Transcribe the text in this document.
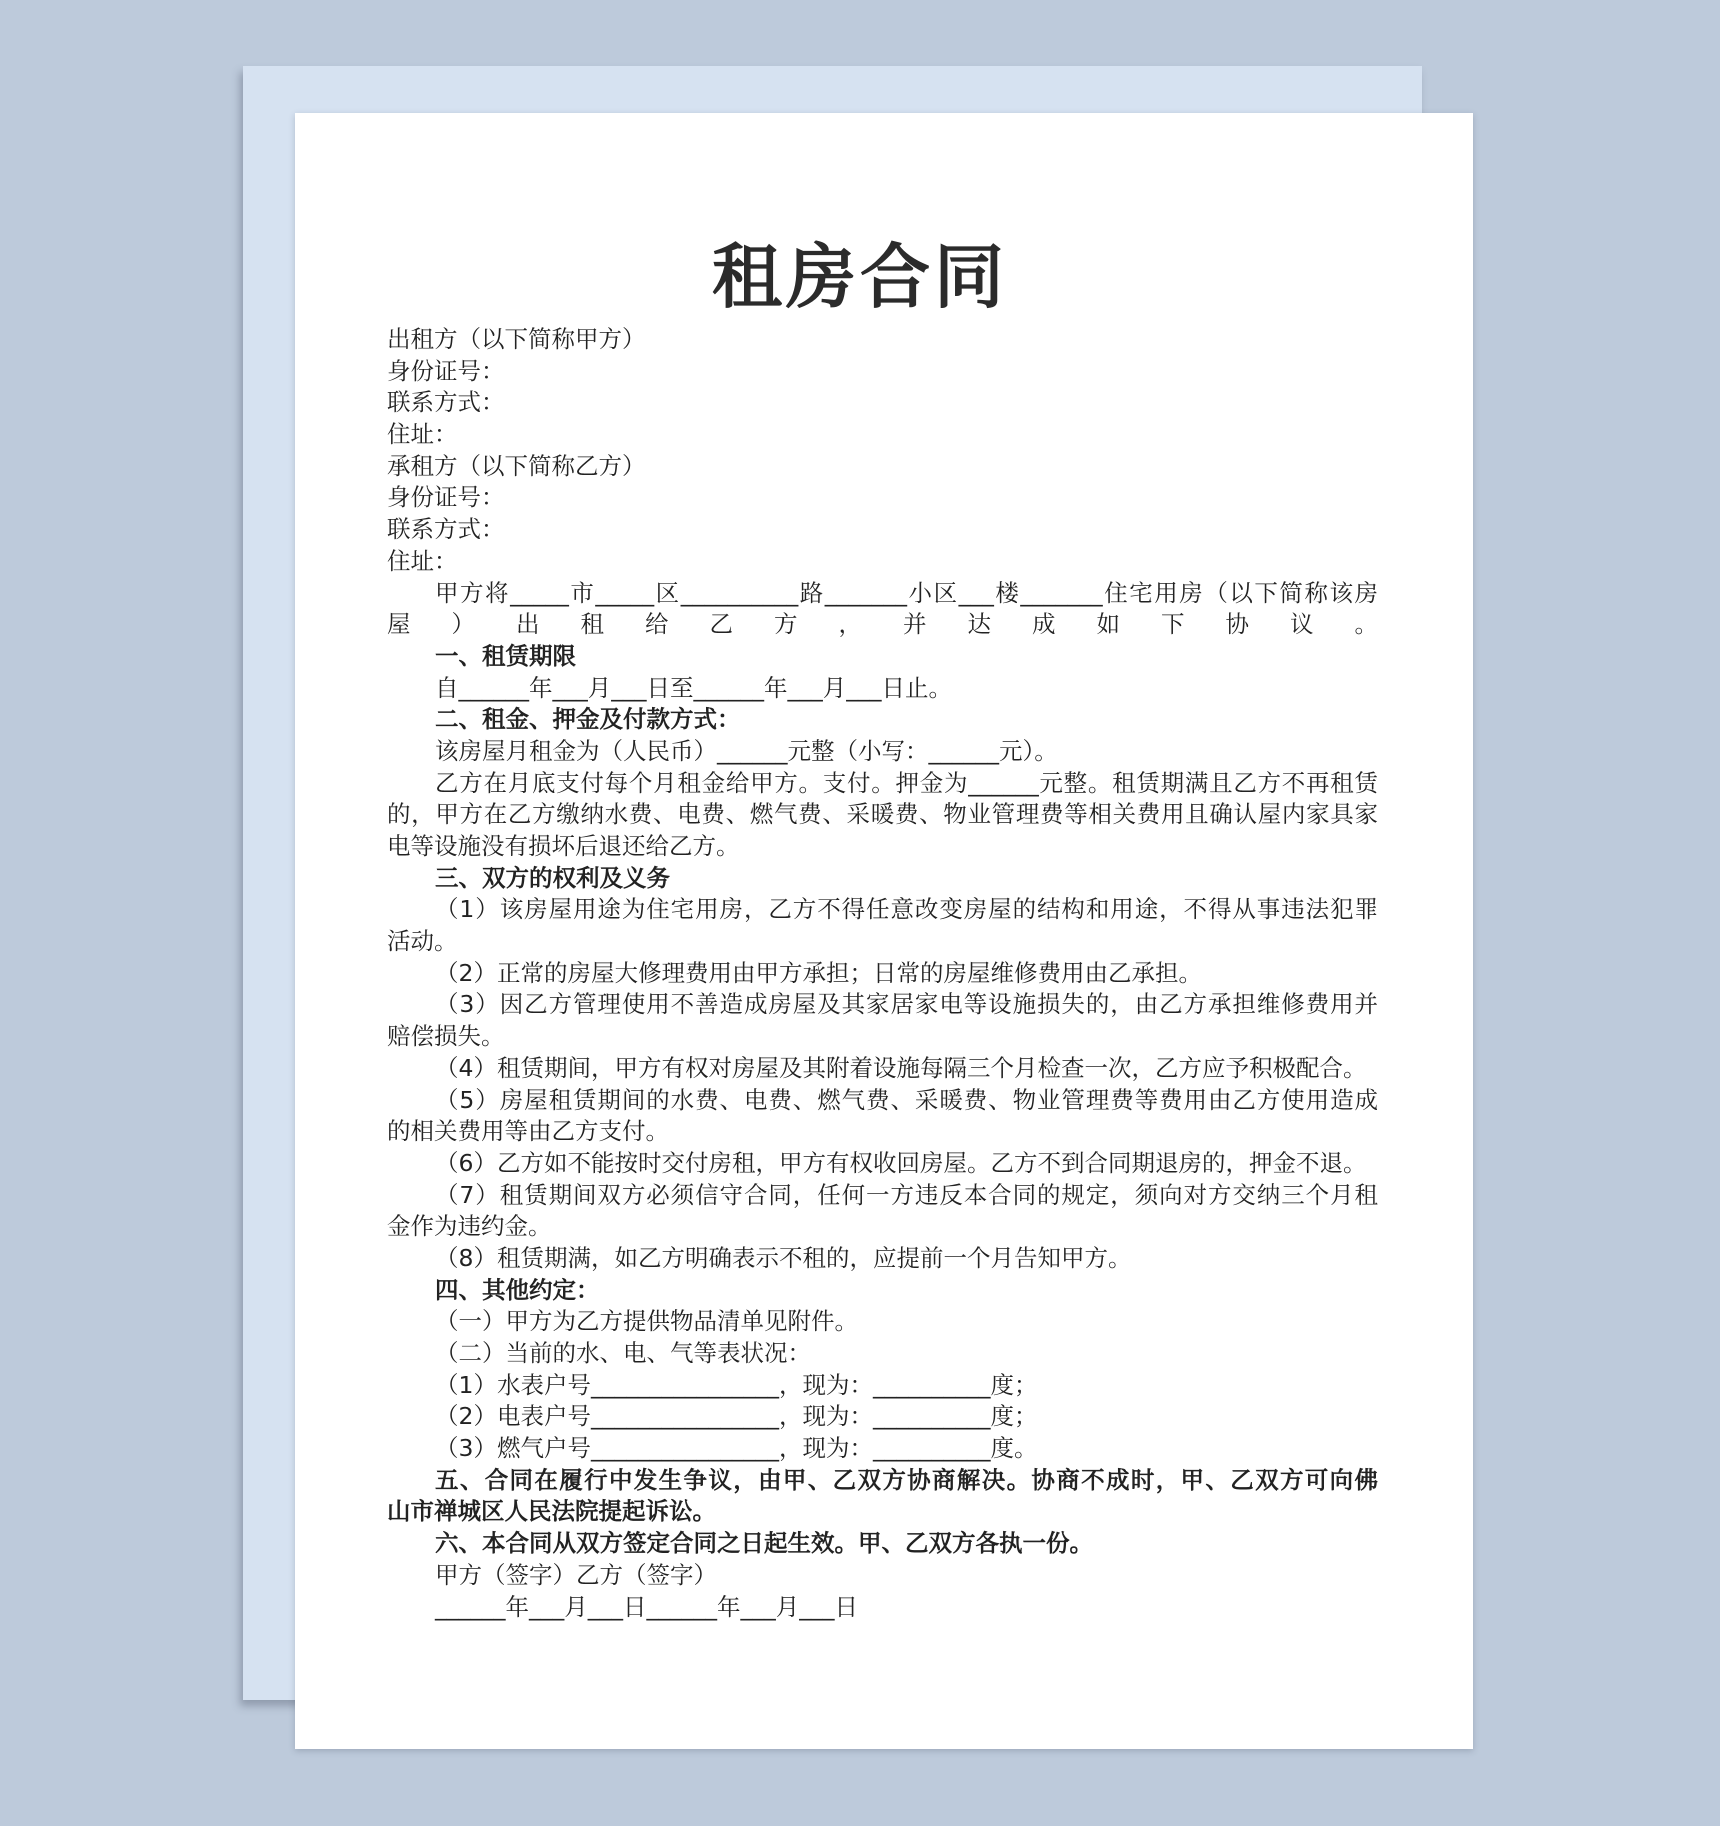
租房合同
出租方（以下简称甲方）
身份证号：
联系方式：
住址：
承租方（以下简称乙方）
身份证号：
联系方式：
住址：
甲方将_____市_____区__________路_______小区___楼_______住宅用房（以下简称该房
屋）出租给乙方，并达成如下协议。
一、租赁期限
自______年___月___日至______年___月___日止。
二、租金、押金及付款方式：
该房屋月租金为（人民币）______元整（小写：______元）。
乙方在月底支付每个月租金给甲方。支付。押金为______元整。租赁期满且乙方不再租赁
的，甲方在乙方缴纳水费、电费、燃气费、采暖费、物业管理费等相关费用且确认屋内家具家
电等设施没有损坏后退还给乙方。
三、双方的权利及义务
（1）该房屋用途为住宅用房，乙方不得任意改变房屋的结构和用途，不得从事违法犯罪
活动。
（2）正常的房屋大修理费用由甲方承担；日常的房屋维修费用由乙承担。
（3）因乙方管理使用不善造成房屋及其家居家电等设施损失的，由乙方承担维修费用并
赔偿损失。
（4）租赁期间，甲方有权对房屋及其附着设施每隔三个月检查一次，乙方应予积极配合。
（5）房屋租赁期间的水费、电费、燃气费、采暖费、物业管理费等费用由乙方使用造成
的相关费用等由乙方支付。
（6）乙方如不能按时交付房租，甲方有权收回房屋。乙方不到合同期退房的，押金不退。
（7）租赁期间双方必须信守合同，任何一方违反本合同的规定，须向对方交纳三个月租
金作为违约金。
（8）租赁期满，如乙方明确表示不租的，应提前一个月告知甲方。
四、其他约定：
（一）甲方为乙方提供物品清单见附件。
（二）当前的水、电、气等表状况：
（1）水表户号________________，现为：__________度；
（2）电表户号________________，现为：__________度；
（3）燃气户号________________，现为：__________度。
五、合同在履行中发生争议，由甲、乙双方协商解决。协商不成时，甲、乙双方可向佛
山市禅城区人民法院提起诉讼。
六、本合同从双方签定合同之日起生效。甲、乙双方各执一份。
甲方（签字）乙方（签字）
______年___月___日______年___月___日
